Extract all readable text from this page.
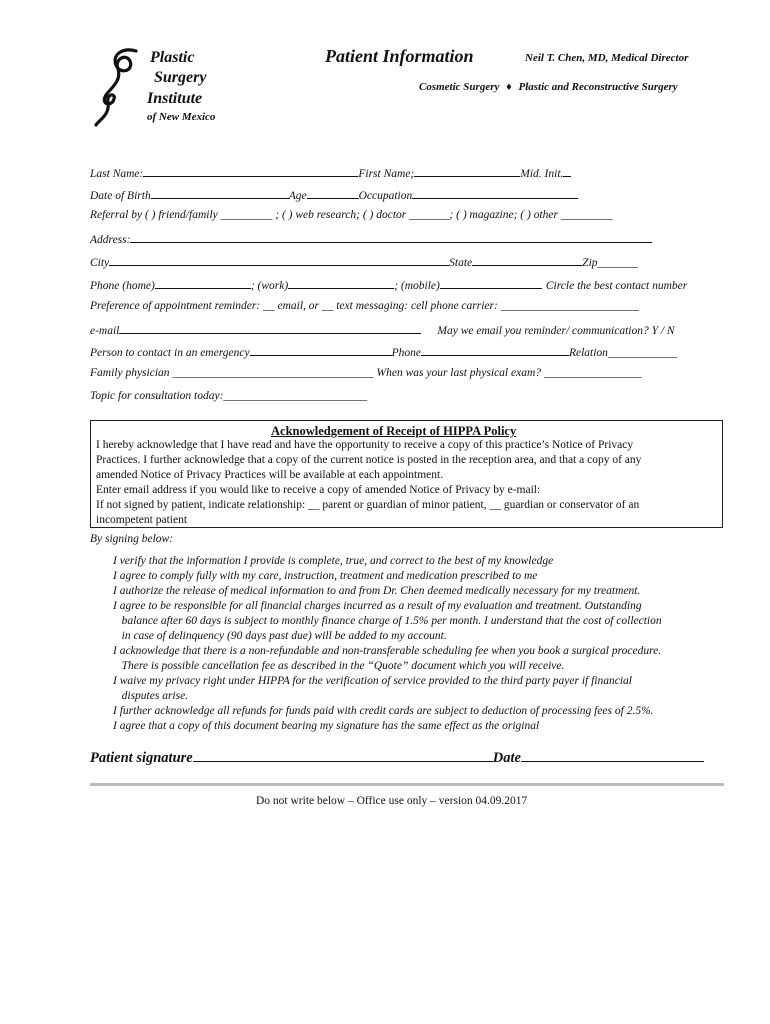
Plastic
Surgery
Institute
of New Mexico
Patient Information	Neil T. Chen, MD, Medical Director
Cosmetic Surgery ♦ Plastic and Reconstructive Surgery
Last Name:	First Name;	Mid. Init.
Date of Birth	Age	Occupation
Referral by ( ) friend/family _________ ; ( ) web research; ( ) doctor _______; ( ) magazine; ( ) other _________
Address:
City	State	Zip_______
Phone (home)	; (work)	; (mobile)	Circle the best contact number
Preference of appointment reminder: __ email, or __ text messaging: cell phone carrier: ________________________
e-mail	May we email you reminder/ communication? Y / N
Person to contact in an emergency	Phone	Relation____________
Family physician ___________________________________ When was your last physical exam? _________________
Topic for consultation today:_________________________
Acknowledgement of Receipt of HIPPA Policy
I hereby acknowledge that I have read and have the opportunity to receive a copy of this practice’s Notice of Privacy
Practices. I further acknowledge that a copy of the current notice is posted in the reception area, and that a copy of any
amended Notice of Privacy Practices will be available at each appointment.
Enter email address if you would like to receive a copy of amended Notice of Privacy by e-mail:
If not signed by patient, indicate relationship: __ parent or guardian of minor patient, __ guardian or conservator of an
incompetent patient
By signing below:
I verify that the information I provide is complete, true, and correct to the best of my knowledge
I agree to comply fully with my care, instruction, treatment and medication prescribed to me
I authorize the release of medical information to and from Dr. Chen deemed medically necessary for my treatment.
I agree to be responsible for all financial charges incurred as a result of my evaluation and treatment. Outstanding
balance after 60 days is subject to monthly finance charge of 1.5% per month. I understand that the cost of collection
in case of delinquency (90 days past due) will be added to my account.
I acknowledge that there is a non-refundable and non-transferable scheduling fee when you book a surgical procedure.
There is possible cancellation fee as described in the “Quote” document which you will receive.
I waive my privacy right under HIPPA for the verification of service provided to the third party payer if financial
disputes arise.
I further acknowledge all refunds for funds paid with credit cards are subject to deduction of processing fees of 2.5%.
I agree that a copy of this document bearing my signature has the same effect as the original
Patient signature	Date
Do not write below – Office use only – version 04.09.2017
